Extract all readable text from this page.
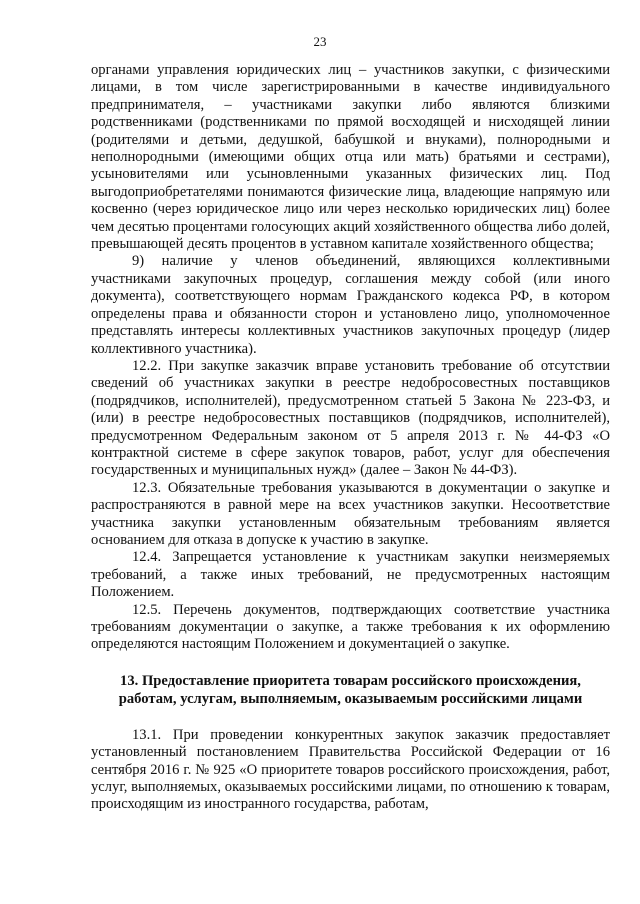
23

органами управления юридических лиц – участников закупки, с физическими лицами, в том числе зарегистрированными в качестве индивидуального предпринимателя, – участниками закупки либо являются близкими родственниками (родственниками по прямой восходящей и нисходящей линии (родителями и детьми, дедушкой, бабушкой и внуками), полнородными и неполнородными (имеющими общих отца или мать) братьями и сестрами), усыновителями или усыновленными указанных физических лиц. Под выгодоприобретателями понимаются физические лица, владеющие напрямую или косвенно (через юридическое лицо или через несколько юридических лиц) более чем десятью процентами голосующих акций хозяйственного общества либо долей, превышающей десять процентов в уставном капитале хозяйственного общества;

9) наличие у членов объединений, являющихся коллективными участниками закупочных процедур, соглашения между собой (или иного документа), соответствующего нормам Гражданского кодекса РФ, в котором определены права и обязанности сторон и установлено лицо, уполномоченное представлять интересы коллективных участников закупочных процедур (лидер коллективного участника).

12.2. При закупке заказчик вправе установить требование об отсутствии сведений об участниках закупки в реестре недобросовестных поставщиков (подрядчиков, исполнителей), предусмотренном статьей 5 Закона № 223-ФЗ, и (или) в реестре недобросовестных поставщиков (подрядчиков, исполнителей), предусмотренном Федеральным законом от 5 апреля 2013 г. № 44-ФЗ «О контрактной системе в сфере закупок товаров, работ, услуг для обеспечения государственных и муниципальных нужд» (далее – Закон № 44-ФЗ).

12.3. Обязательные требования указываются в документации о закупке и распространяются в равной мере на всех участников закупки. Несоответствие участника закупки установленным обязательным требованиям является основанием для отказа в допуске к участию в закупке.

12.4. Запрещается установление к участникам закупки неизмеряемых требований, а также иных требований, не предусмотренных настоящим Положением.

12.5. Перечень документов, подтверждающих соответствие участника требованиям документации о закупке, а также требования к их оформлению определяются настоящим Положением и документацией о закупке.

13. Предоставление приоритета товарам российского происхождения,
работам, услугам, выполняемым, оказываемым российскими лицами

13.1. При проведении конкурентных закупок заказчик предоставляет установленный постановлением Правительства Российской Федерации от 16 сентября 2016 г. № 925 «О приоритете товаров российского происхождения, работ, услуг, выполняемых, оказываемых российскими лицами, по отношению к товарам, происходящим из иностранного государства, работам,
